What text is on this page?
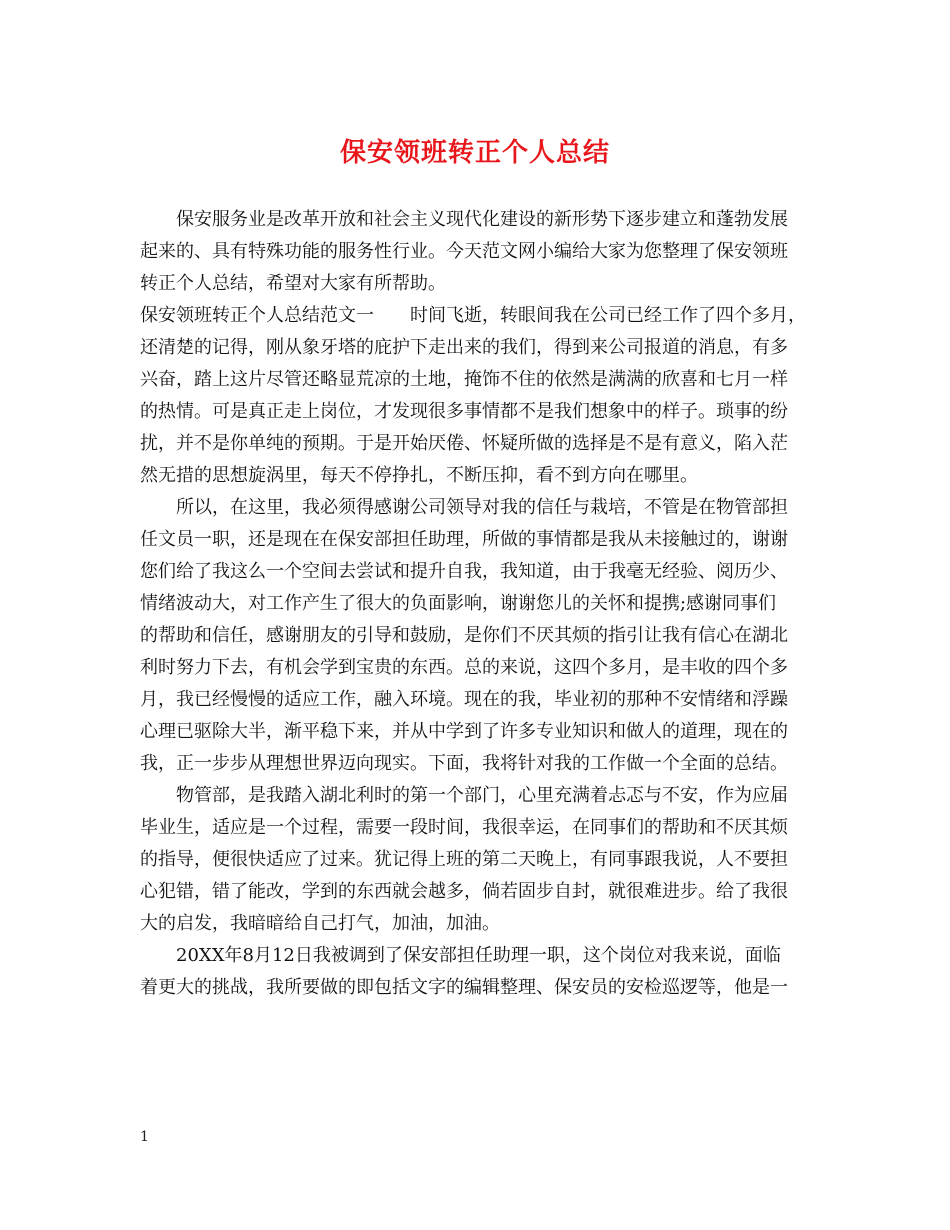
保安领班转正个人总结

　　保安服务业是改革开放和社会主义现代化建设的新形势下逐步建立和蓬勃发展

起来的、具有特殊功能的服务性行业。今天范文网小编给大家为您整理了保安领班

转正个人总结，希望对大家有所帮助。

保安领班转正个人总结范文一　　时间飞逝，转眼间我在公司已经工作了四个多月，

还清楚的记得，刚从象牙塔的庇护下走出来的我们，得到来公司报道的消息，有多

兴奋，踏上这片尽管还略显荒凉的土地，掩饰不住的依然是满满的欣喜和七月一样

的热情。可是真正走上岗位，才发现很多事情都不是我们想象中的样子。琐事的纷

扰，并不是你单纯的预期。于是开始厌倦、怀疑所做的选择是不是有意义，陷入茫

然无措的思想旋涡里，每天不停挣扎，不断压抑，看不到方向在哪里。

　　所以，在这里，我必须得感谢公司领导对我的信任与栽培，不管是在物管部担

任文员一职，还是现在在保安部担任助理，所做的事情都是我从未接触过的，谢谢

您们给了我这么一个空间去尝试和提升自我，我知道，由于我毫无经验、阅历少、

情绪波动大，对工作产生了很大的负面影响，谢谢您儿的关怀和提携;感谢同事们

的帮助和信任，感谢朋友的引导和鼓励，是你们不厌其烦的指引让我有信心在湖北

利时努力下去，有机会学到宝贵的东西。总的来说，这四个多月，是丰收的四个多

月，我已经慢慢的适应工作，融入环境。现在的我，毕业初的那种不安情绪和浮躁

心理已驱除大半，渐平稳下来，并从中学到了许多专业知识和做人的道理，现在的

我，正一步步从理想世界迈向现实。下面，我将针对我的工作做一个全面的总结。

　　物管部，是我踏入湖北利时的第一个部门，心里充满着忐忑与不安，作为应届

毕业生，适应是一个过程，需要一段时间，我很幸运，在同事们的帮助和不厌其烦

的指导，便很快适应了过来。犹记得上班的第二天晚上，有同事跟我说，人不要担

心犯错，错了能改，学到的东西就会越多，倘若固步自封，就很难进步。给了我很

大的启发，我暗暗给自己打气，加油，加油。

　　20XX年8月12日我被调到了保安部担任助理一职，这个岗位对我来说，面临

着更大的挑战，我所要做的即包括文字的编辑整理、保安员的安检巡逻等，他是一

1
